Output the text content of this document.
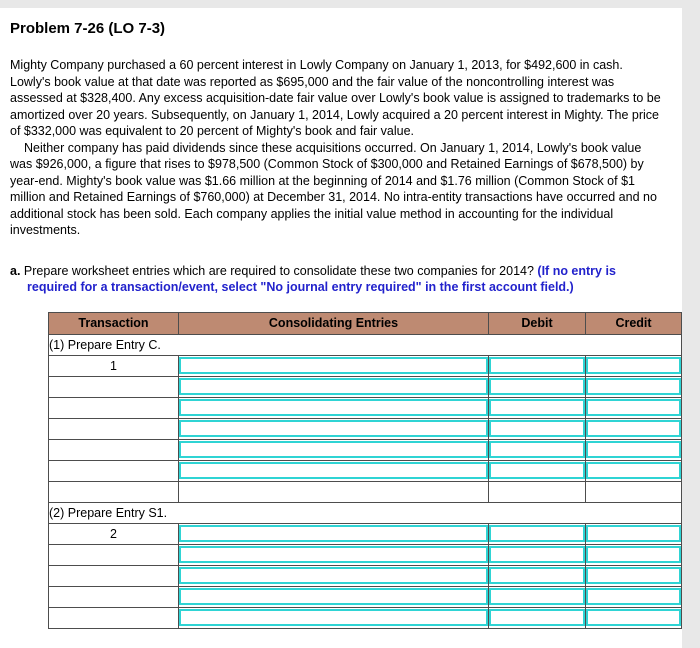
Problem 7-26 (LO 7-3)

Mighty Company purchased a 60 percent interest in Lowly Company on January 1, 2013, for $492,600 in cash. Lowly's book value at that date was reported as $695,000 and the fair value of the noncontrolling interest was assessed at $328,400. Any excess acquisition-date fair value over Lowly's book value is assigned to trademarks to be amortized over 20 years. Subsequently, on January 1, 2014, Lowly acquired a 20 percent interest in Mighty. The price of $332,000 was equivalent to 20 percent of Mighty's book and fair value.

Neither company has paid dividends since these acquisitions occurred. On January 1, 2014, Lowly's book value was $926,000, a figure that rises to $978,500 (Common Stock of $300,000 and Retained Earnings of $678,500) by year-end. Mighty's book value was $1.66 million at the beginning of 2014 and $1.76 million (Common Stock of $1 million and Retained Earnings of $760,000) at December 31, 2014. No intra-entity transactions have occurred and no additional stock has been sold. Each company applies the initial value method in accounting for the individual investments.

a. Prepare worksheet entries which are required to consolidate these two companies for 2014? (If no entry is required for a transaction/event, select "No journal entry required" in the first account field.)

Transaction	Consolidating Entries	Debit	Credit
(1) Prepare Entry C.			
1	

(2) Prepare Entry S1.			
2	
